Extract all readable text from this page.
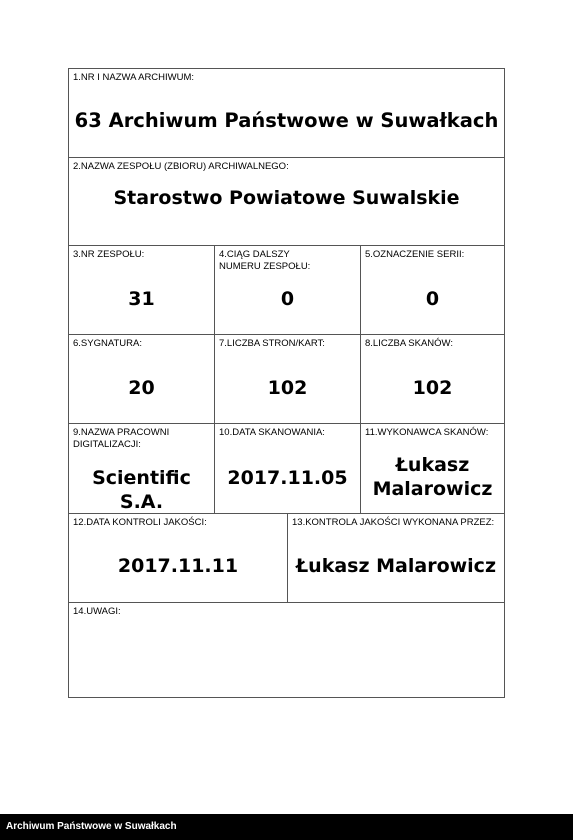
1.NR I NAZWA ARCHIWUM:
63 Archiwum Państwowe w Suwałkach
2.NAZWA ZESPOŁU (ZBIORU) ARCHIWALNEGO:
Starostwo Powiatowe Suwalskie
3.NR ZESPOŁU:
31
4.CIĄG DALSZY NUMERU ZESPOŁU:
0
5.OZNACZENIE SERII:
0
6.SYGNATURA:
20
7.LICZBA STRON/KART:
102
8.LICZBA SKANÓW:
102
9.NAZWA PRACOWNI DIGITALIZACJI:
Scientific S.A.
10.DATA SKANOWANIA:
2017.11.05
11.WYKONAWCA SKANÓW:
Łukasz
Malarowicz
12.DATA KONTROLI JAKOŚCI:
2017.11.11
13.KONTROLA JAKOŚCI WYKONANA PRZEZ:
Łukasz Malarowicz
14.UWAGI:
Archiwum Państwowe w Suwałkach
